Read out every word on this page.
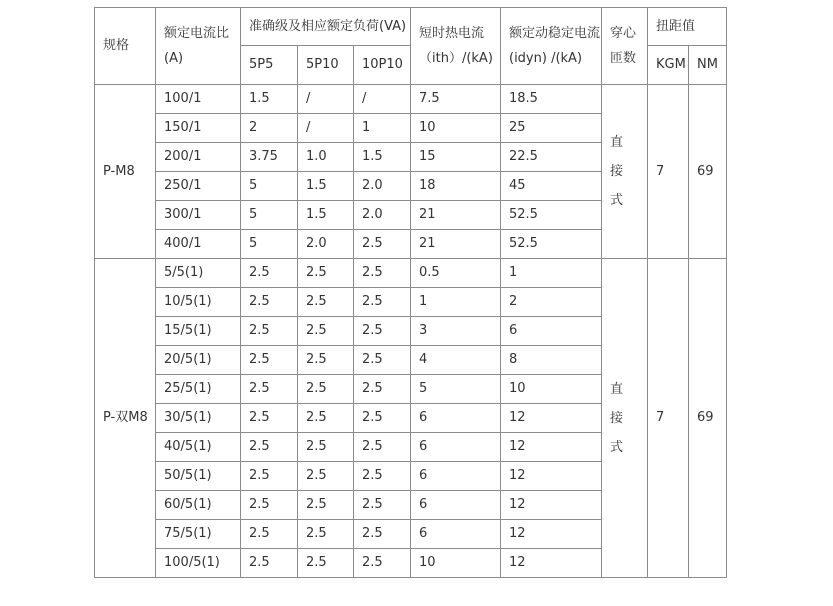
规格	额定电流比(A)	准确级及相应额定负荷(VA)			短时热电流（ith）/(kA)	额定动稳定电流(idyn) /(kA)	穿心匝数	扭距值	
		5P5	5P10	10P10				KGM	NM
P-M8	100/1	1.5	/	/	7.5	18.5	直接式	7	69
	150/1	2	/	1	10	25			
	200/1	3.75	1.0	1.5	15	22.5			
	250/1	5	1.5	2.0	18	45			
	300/1	5	1.5	2.0	21	52.5			
	400/1	5	2.0	2.5	21	52.5			
P-双M8	5/5(1)	2.5	2.5	2.5	0.5	1	直接式	7	69
	10/5(1)	2.5	2.5	2.5	1	2			
	15/5(1)	2.5	2.5	2.5	3	6			
	20/5(1)	2.5	2.5	2.5	4	8			
	25/5(1)	2.5	2.5	2.5	5	10			
	30/5(1)	2.5	2.5	2.5	6	12			
	40/5(1)	2.5	2.5	2.5	6	12			
	50/5(1)	2.5	2.5	2.5	6	12			
	60/5(1)	2.5	2.5	2.5	6	12			
	75/5(1)	2.5	2.5	2.5	6	12			
	100/5(1)	2.5	2.5	2.5	10	12			
